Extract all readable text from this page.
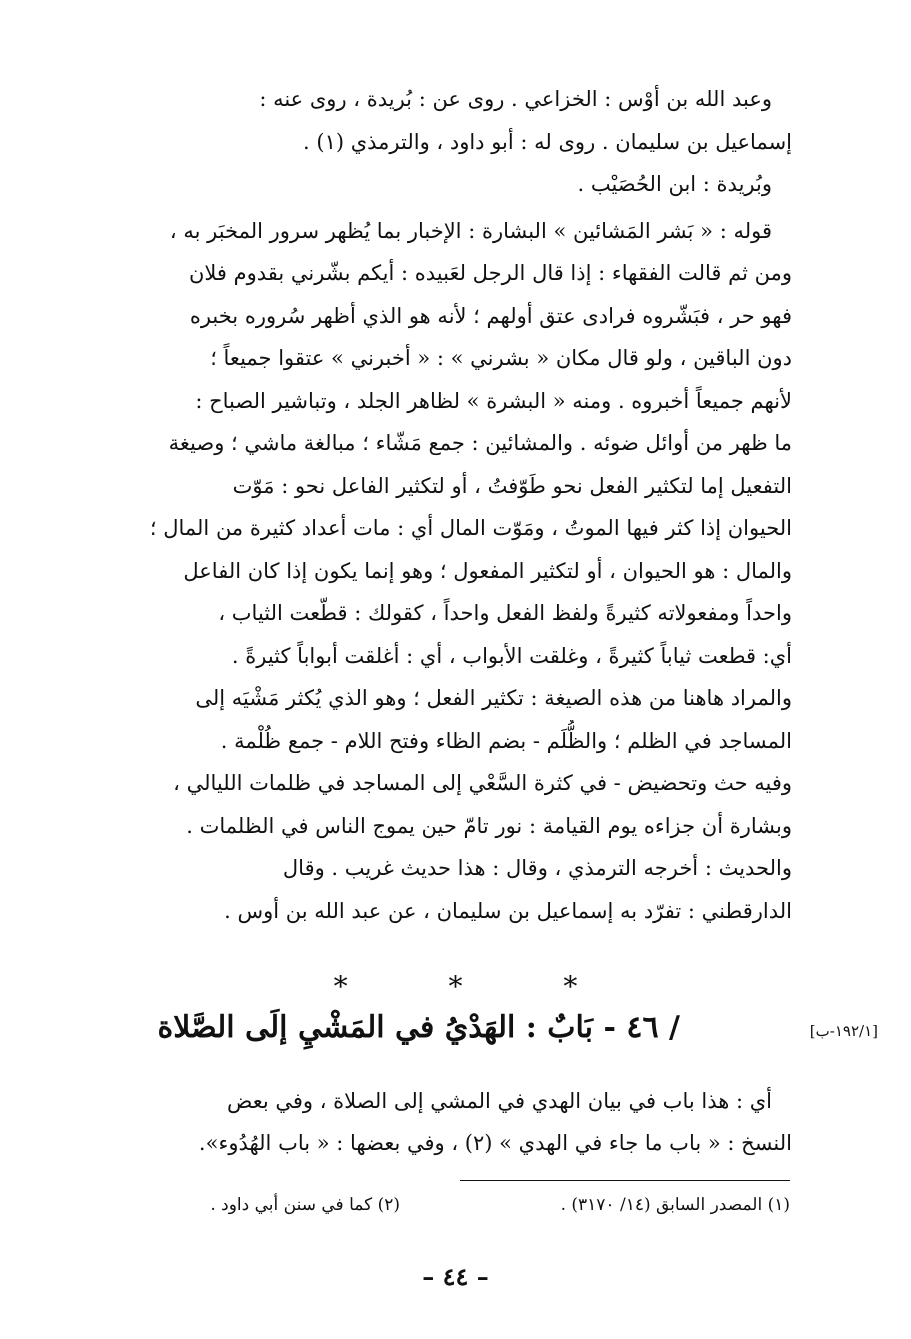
وعبد الله بن أوْس : الخزاعي . روى عن : بُريدة ، روى عنه :
إسماعيل بن سليمان . روى له : أبو داود ، والترمذي (١) .
وبُريدة : ابن الحُصَيْب .
قوله : « بَشر المَشائين » البشارة : الإخبار بما يُظهر سرور المخبَر به ،
ومن ثم قالت الفقهاء : إذا قال الرجل لعَبيده : أيكم بشّرني بقدوم فلان
فهو حر ، فبَشّروه فرادى عتق أولهم ؛ لأنه هو الذي أظهر سُروره بخبره
دون الباقين ، ولو قال مكان « بشرني » : « أخبرني » عتقوا جميعاً ؛
لأنهم جميعاً أخبروه . ومنه « البشرة » لظاهر الجلد ، وتباشير الصباح :
ما ظهر من أوائل ضوئه . والمشائين : جمع مَشّاء ؛ مبالغة ماشي ؛ وصيغة
التفعيل إما لتكثير الفعل نحو طَوّفتُ ، أو لتكثير الفاعل نحو : مَوّت
الحيوان إذا كثر فيها الموتُ ، ومَوّت المال أي : مات أعداد كثيرة من المال ؛
والمال : هو الحيوان ، أو لتكثير المفعول ؛ وهو إنما يكون إذا كان الفاعل
واحداً ومفعولاته كثيرةً ولفظ الفعل واحداً ، كقولك : قطّعت الثياب ،
أي: قطعت ثياباً كثيرةً ، وغلقت الأبواب ، أي : أغلقت أبواباً كثيرةً .
والمراد هاهنا من هذه الصيغة : تكثير الفعل ؛ وهو الذي يُكثر مَشْيَه إلى
المساجد في الظلم ؛ والظُّلَم - بضم الظاء وفتح اللام - جمع ظُلْمة .
وفيه حث وتحضيض - في كثرة السَّعْي إلى المساجد في ظلمات الليالي ،
وبشارة أن جزاءه يوم القيامة : نور تامّ حين يموج الناس في الظلمات .
والحديث : أخرجه الترمذي ، وقال : هذا حديث غريب . وقال
الدارقطني : تفرّد به إسماعيل بن سليمان ، عن عبد الله بن أوس .
* * *
/ ٤٦ - بَابٌ : الهَدْيُ في المَشْيِ إلَى الصَّلاة	[١٩٢/١-ب]
أي : هذا باب في بيان الهدي في المشي إلى الصلاة ، وفي بعض
النسخ : « باب ما جاء في الهدي » (٢) ، وفي بعضها : « باب الهُدُوء».
(١) المصدر السابق (١٤/ ٣١٧٠) .
(٢) كما في سنن أبي داود .
– ٤٤ –
